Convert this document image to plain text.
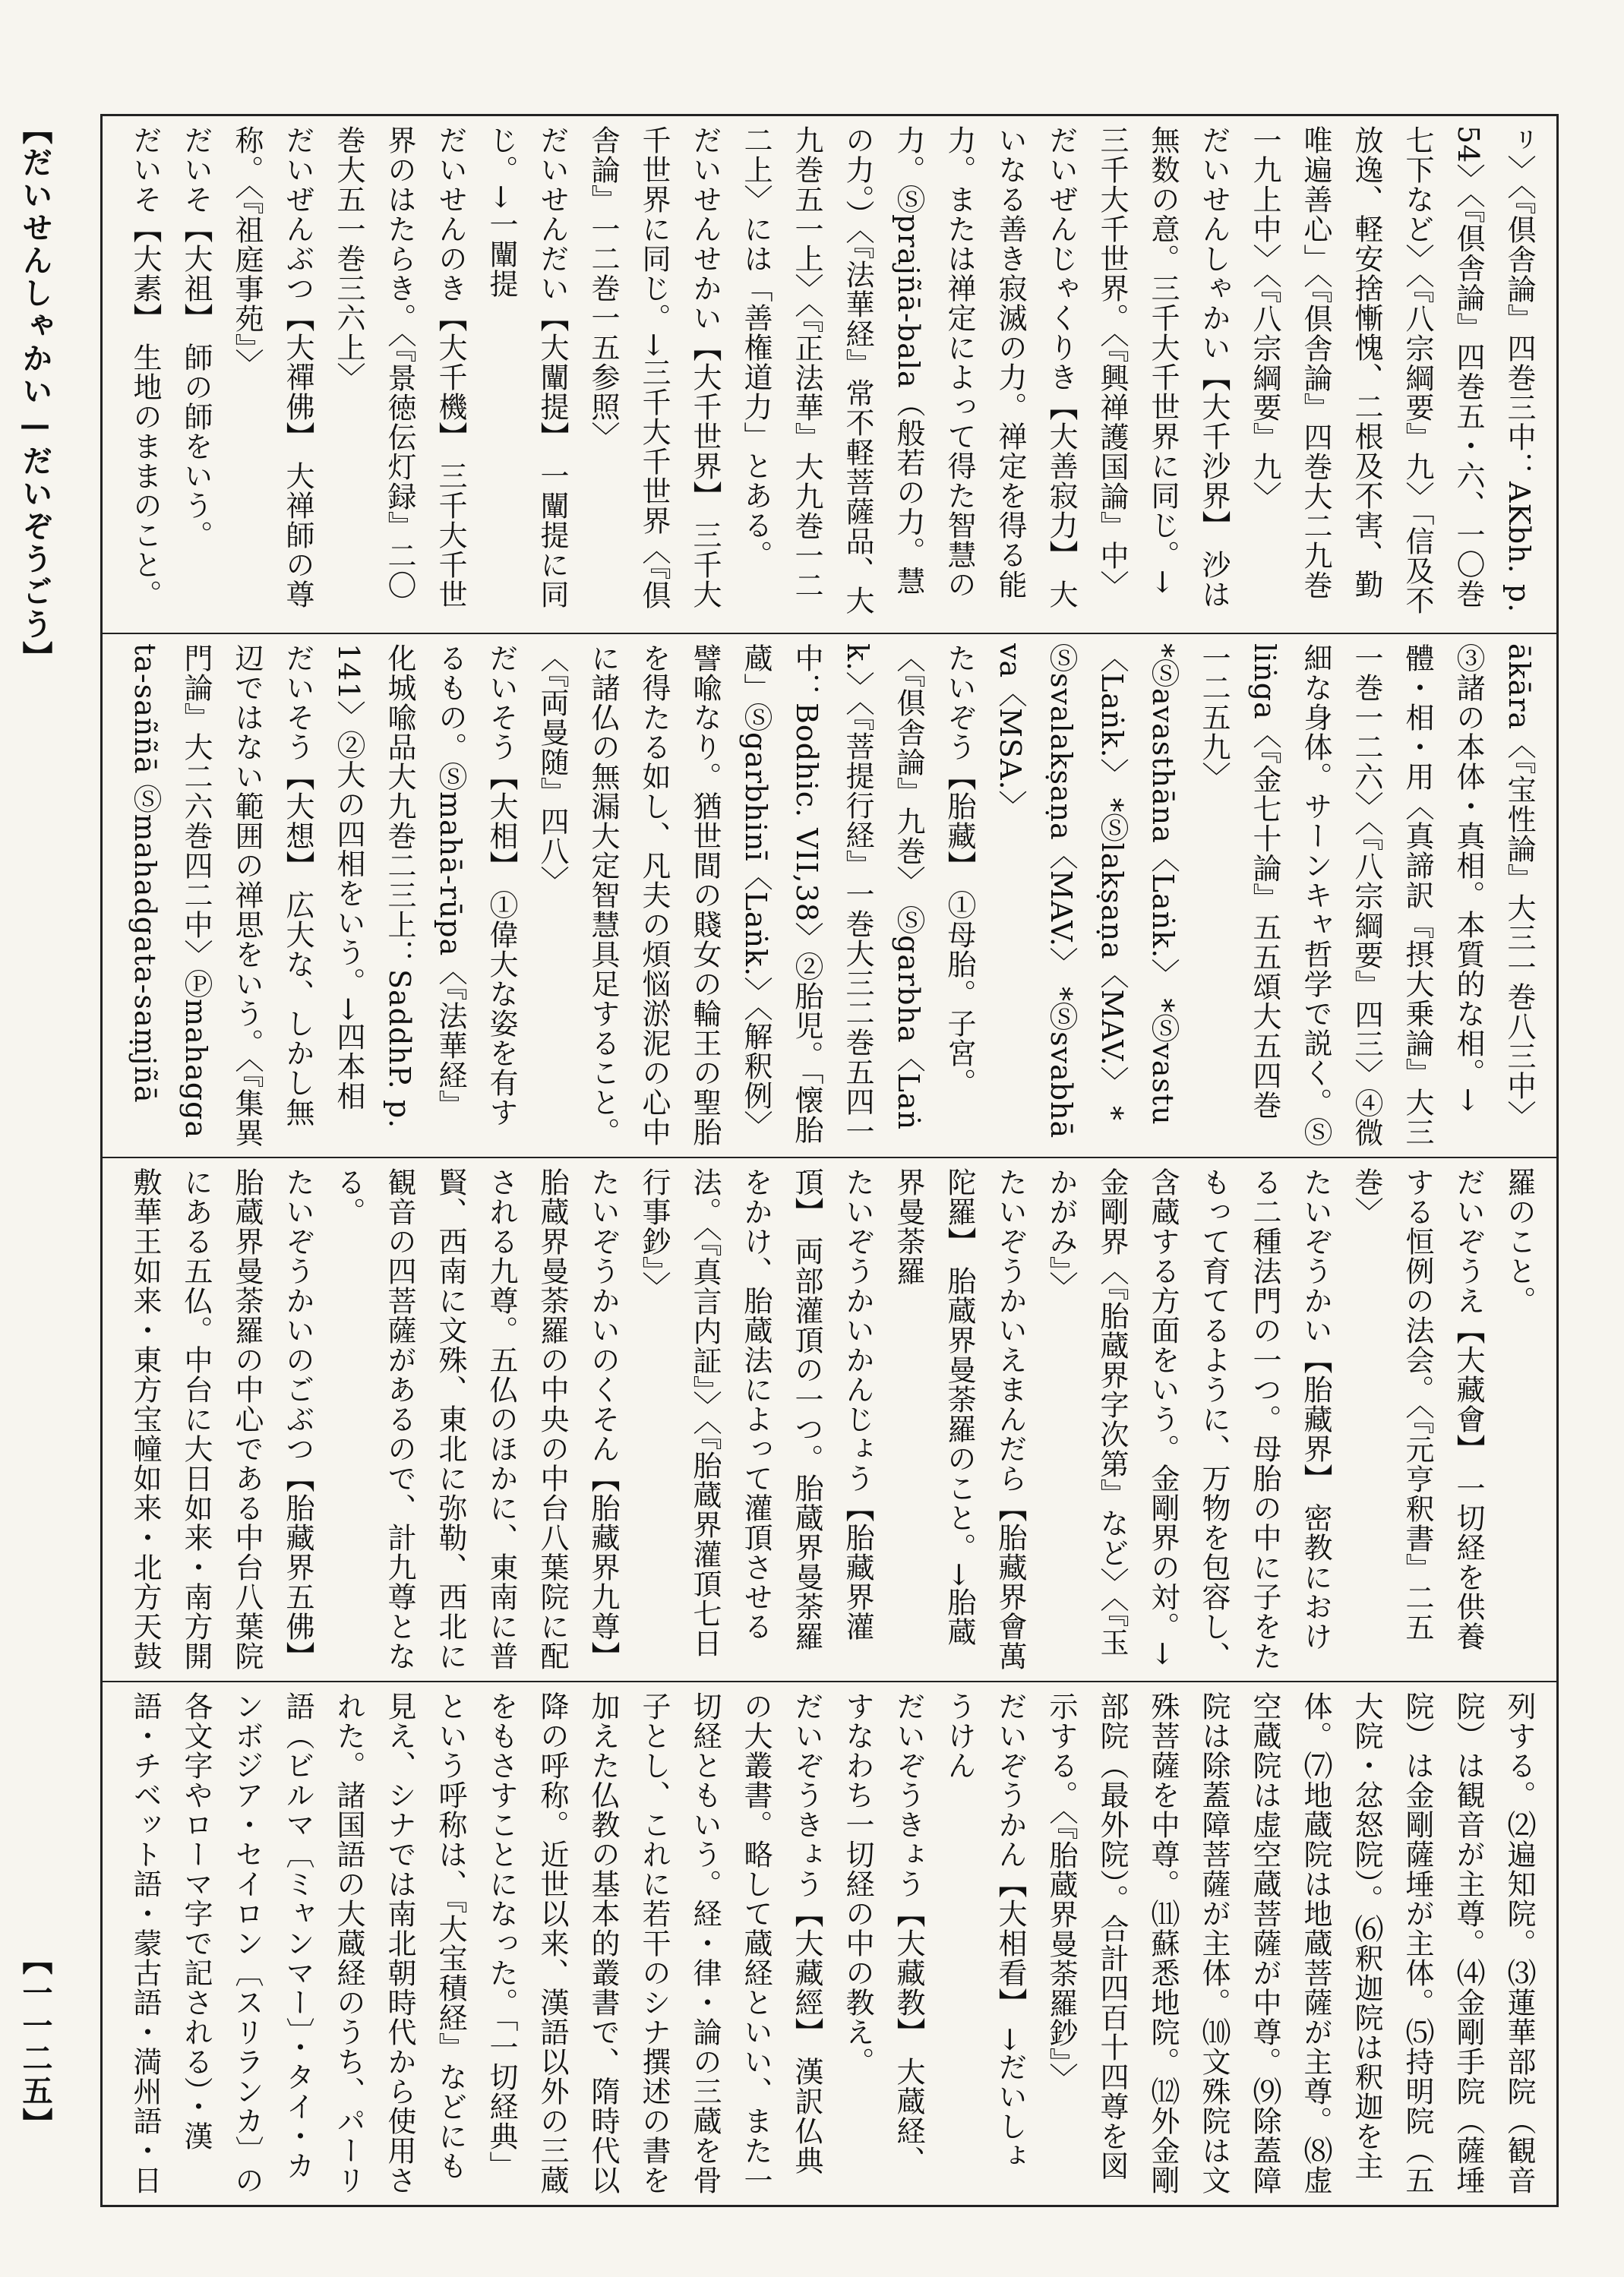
【だいせんしゃかい—だいぞうごう】
【一一二五】

ㇼ〉〈『倶舎論』四巻三中：AKbh. p.54〉〈『倶舎論』四巻五・六、一〇巻七下など〉〈『八宗綱要』九〉「信及不放逸、軽安捨慚愧、二根及不害、勤唯遍善心」〈『倶舎論』四巻大二九巻一九上中〉〈『八宗綱要』九〉

だいせんしゃかい【大千沙界】 沙は無数の意。三千大千世界に同じ。→三千大千世界。〈『興禅護国論』中〉

だいぜんじゃくりき【大善寂力】 大いなる善き寂滅の力。禅定を得る能力。または禅定によって得た智慧の力。Ⓢprajñā-bala（般若の力。慧の力。）〈『法華経』常不軽菩薩品、大九巻五一上〉〈『正法華』大九巻一二二上〉には「善権道力」とある。

だいせんせかい【大千世界】 三千大千世界に同じ。→三千大千世界〈『倶舎論』一二巻一五参照〉

だいせんだい【大闡提】 一闡提に同じ。→一闡提

だいせんのき【大千機】 三千大千世界のはたらき。〈『景徳伝灯録』二〇巻大五一巻三六上〉

だいぜんぶつ【大禪佛】 大禅師の尊称。〈『祖庭事苑』〉

だいそ【大祖】 師の師をいう。

だいそ【大素】 生地のままのこと。

ākāra〈『宝性論』大三一巻八三中〉③諸の本体・真相。本質的な相。→體・相・用〈真諦訳『摂大乗論』大三一巻一二六〉〈『八宗綱要』四三〉④微細な身体。サーンキャ哲学で説く。Ⓢliṅga〈『金七十論』五五頌大五四巻一二五九〉

*Ⓢavasthāna〈Laṅk.〉 *Ⓢvastu〈Laṅk.〉 *Ⓢlakṣaṇa〈MAV.〉 *Ⓢsvalakṣaṇa〈MAV.〉 *Ⓢsvabhāva〈MSA.〉

たいぞう【胎藏】 ①母胎。子宮。〈『倶舎論』九巻〉 Ⓢgarbha〈Laṅk.〉〈『菩提行経』一巻大三二巻五四一中：Bodhic. VII,38〉②胎児。「懐胎蔵」Ⓢgarbhinī〈Laṅk.〉〈解釈例〉譬喩なり。猶世間の賤女の輪王の聖胎を得たる如し、凡夫の煩悩淤泥の心中に諸仏の無漏大定智慧具足すること。〈『両曼随』四八〉

だいそう【大相】 ①偉大な姿を有するもの。Ⓢmahā-rūpa〈『法華経』化城喩品大九巻二三上：SaddhP. p.141〉②大の四相をいう。→四本相

だいそう【大想】 広大な、しかし無辺ではない範囲の禅思をいう。〈『集異門論』大二六巻四二中〉Ⓟmahaggata-saññā Ⓢmahadgata-saṃjñā

羅のこと。

だいぞうえ【大藏會】 一切経を供養する恒例の法会。〈『元亨釈書』二五巻〉

たいぞうかい【胎藏界】 密教における二種法門の一つ。母胎の中に子をたもって育てるように、万物を包容し、含蔵する方面をいう。金剛界の対。→金剛界〈『胎蔵界字次第』など〉〈『玉かがみ』〉

たいぞうかいえまんだら【胎藏界會萬陀羅】 胎蔵界曼荼羅のこと。→胎蔵界曼荼羅

たいぞうかいかんじょう【胎藏界灌頂】 両部灌頂の一つ。胎蔵界曼荼羅をかけ、胎蔵法によって灌頂させる法。〈『真言内証』〉〈『胎蔵界灌頂七日行事鈔』〉

たいぞうかいのくそん【胎藏界九尊】 胎蔵界曼荼羅の中央の中台八葉院に配される九尊。五仏のほかに、東南に普賢、西南に文殊、東北に弥勒、西北に観音の四菩薩があるので、計九尊となる。

たいぞうかいのごぶつ【胎藏界五佛】 胎蔵界曼荼羅の中心である中台八葉院にある五仏。中台に大日如来・南方開敷華王如来・東方宝幢如来・北方天鼓

列する。⑵遍知院。⑶蓮華部院（観音院）は観音が主尊。⑷金剛手院（薩埵院）は金剛薩埵が主体。⑸持明院（五大院・忿怒院）。⑹釈迦院は釈迦を主体。⑺地蔵院は地蔵菩薩が主尊。⑻虚空蔵院は虚空蔵菩薩が中尊。⑼除蓋障院は除蓋障菩薩が主体。⑽文殊院は文殊菩薩を中尊。⑾蘇悉地院。⑿外金剛部院（最外院）。合計四百十四尊を図示する。〈『胎蔵界曼荼羅鈔』〉

だいぞうかん【大相看】 →だいしょうけん

だいぞうきょう【大藏教】 大蔵経、すなわち一切経の中の教え。

だいぞうきょう【大藏經】 漢訳仏典の大叢書。略して蔵経といい、また一切経ともいう。経・律・論の三蔵を骨子とし、これに若干のシナ撰述の書を加えた仏教の基本的叢書で、隋時代以降の呼称。近世以来、漢語以外の三蔵をもさすことになった。「一切経典」という呼称は、『大宝積経』などにも見え、シナでは南北朝時代から使用された。諸国語の大蔵経のうち、パーリ語（ビルマ〔ミャンマー〕・タイ・カンボジア・セイロン〔スリランカ〕の各文字やローマ字で記される）・漢語・チベット語・蒙古語・満州語・日
